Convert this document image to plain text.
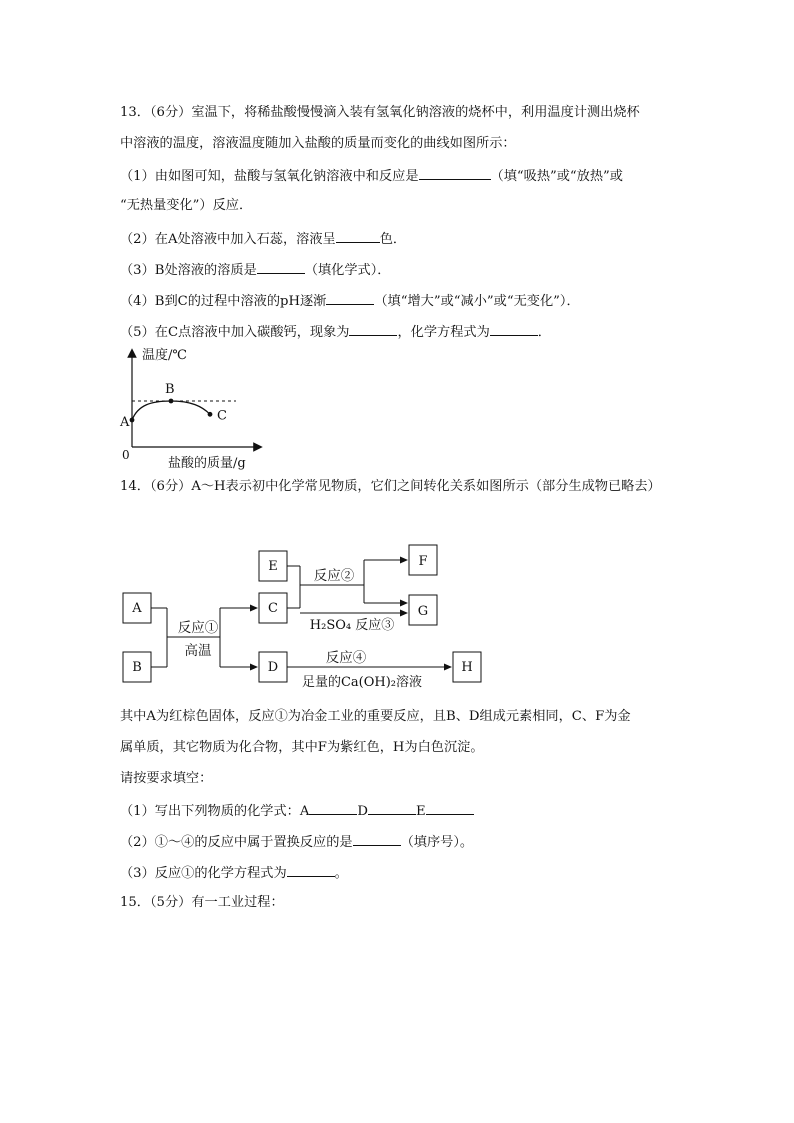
13．（6分）室温下，将稀盐酸慢慢滴入装有氢氧化钠溶液的烧杯中，利用温度计测出烧杯
中溶液的温度，溶液温度随加入盐酸的质量而变化的曲线如图所示：
（1）由如图可知，盐酸与氢氧化钠溶液中和反应是	（填“吸热”或“放热”或
“无热量变化”）反应．
（2）在A处溶液中加入石蕊，溶液呈	色．
（3）B处溶液的溶质是	（填化学式）．
（4）B到C的过程中溶液的pH逐渐	（填“增大”或“减小”或“无变化”）．
（5）在C点溶液中加入碳酸钙，现象为	，化学方程式为	．
温度/℃
盐酸的质量/g
0
A
B
C
14．（6分）A～H表示初中化学常见物质，它们之间转化关系如图所示（部分生成物已略去）
A
B
E
C
D
F
G
H
反应①
高温
反应②
H₂SO₄ 反应③
反应④
足量的Ca(OH)₂溶液
其中A为红棕色固体，反应①为冶金工业的重要反应，且B、D组成元素相同，C、F为金
属单质，其它物质为化合物，其中F为紫红色，H为白色沉淀。
请按要求填空：
（1）写出下列物质的化学式：A	D	E
（2）①～④的反应中属于置换反应的是	（填序号）。
（3）反应①的化学方程式为	。
15．（5分）有一工业过程：
